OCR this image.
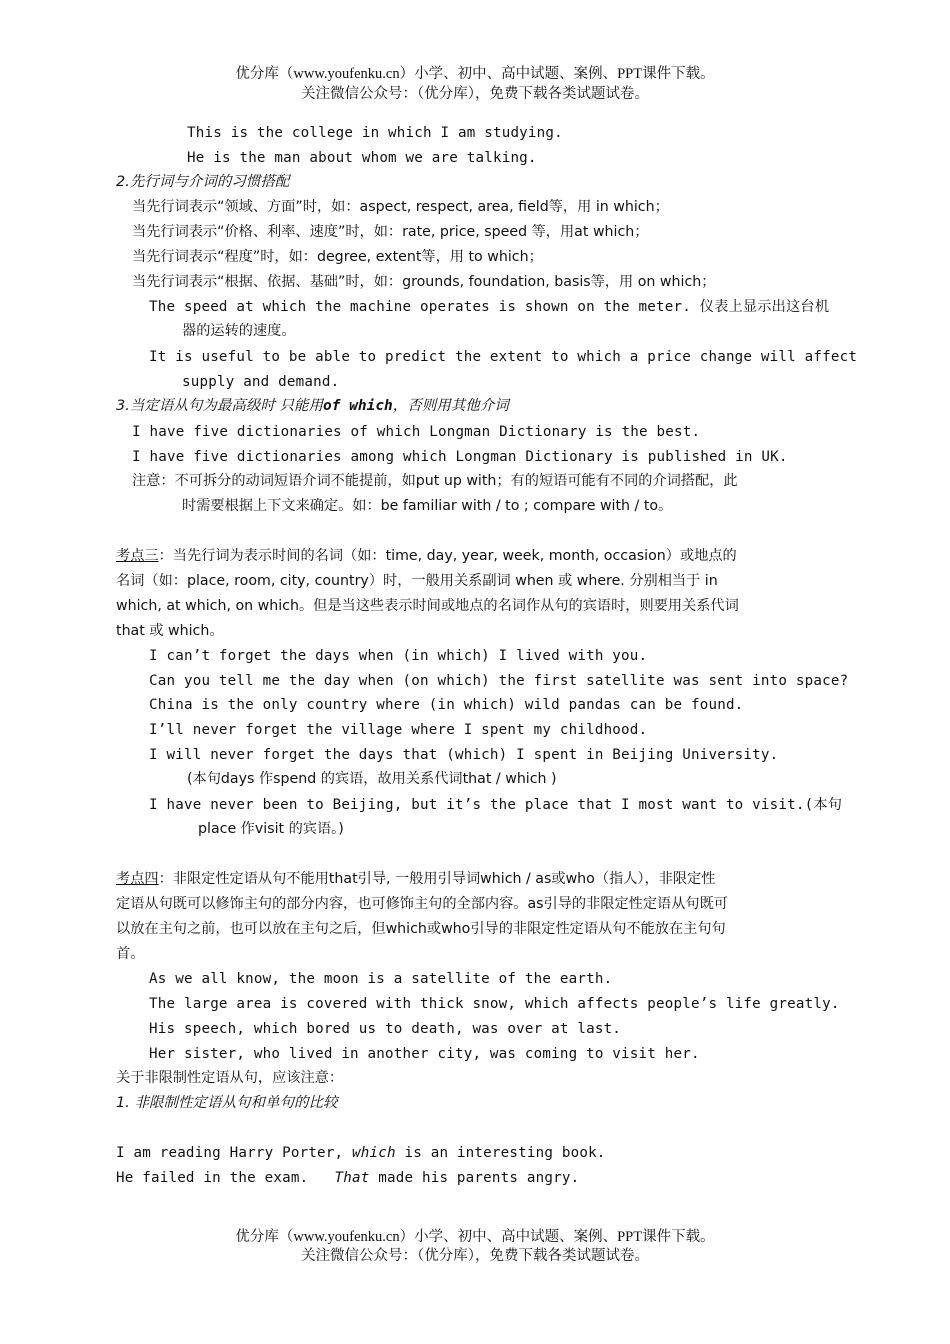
优分库（www.youfenku.cn）小学、初中、高中试题、案例、PPT课件下载。
关注微信公众号：（优分库），免费下载各类试题试卷。
This is the college in which I am studying.
He is the man about whom we are talking.
2.先行词与介词的习惯搭配
当先行词表示“领域、方面”时，如：aspect, respect, area, field等，用 in which；
当先行词表示“价格、利率、速度”时，如：rate, price, speed 等，用at which；
当先行词表示“程度”时，如：degree, extent等，用 to which；
当先行词表示“根据、依据、基础”时，如：grounds, foundation, basis等，用 on which；
The speed at which the machine operates is shown on the meter. 仪表上显示出这台机
器的运转的速度。
It is useful to be able to predict the extent to which a price change will affect
supply and demand.
3.当定语从句为最高级时 只能用of which，否则用其他介词
I have five dictionaries of which Longman Dictionary is the best.
I have five dictionaries among which Longman Dictionary is published in UK.
注意：不可拆分的动词短语介词不能提前，如put up with；有的短语可能有不同的介词搭配，此
时需要根据上下文来确定。如：be familiar with / to ; compare with / to。
考点三：当先行词为表示时间的名词（如：time, day, year, week, month, occasion）或地点的
名词（如：place, room, city, country）时，一般用关系副词 when 或 where. 分别相当于 in
which, at which, on which。但是当这些表示时间或地点的名词作从句的宾语时，则要用关系代词
that 或 which。
I can’t forget the days when (in which) I lived with you.
Can you tell me the day when (on which) the first satellite was sent into space?
China is the only country where (in which) wild pandas can be found.
I’ll never forget the village where I spent my childhood.
I will never forget the days that (which) I spent in Beijing University.
(本句days 作spend 的宾语，故用关系代词that / which )
I have never been to Beijing, but it’s the place that I most want to visit.(本句
place 作visit 的宾语。)
考点四：非限定性定语从句不能用that引导, 一般用引导词which / as或who（指人），非限定性
定语从句既可以修饰主句的部分内容，也可修饰主句的全部内容。as引导的非限定性定语从句既可
以放在主句之前，也可以放在主句之后，但which或who引导的非限定性定语从句不能放在主句句
首。
As we all know, the moon is a satellite of the earth.
The large area is covered with thick snow, which affects people’s life greatly.
His speech, which bored us to death, was over at last.
Her sister, who lived in another city, was coming to visit her.
关于非限制性定语从句，应该注意：
1. 非限制性定语从句和单句的比较
I am reading Harry Porter, which is an interesting book.
He failed in the exam.   That made his parents angry.
优分库（www.youfenku.cn）小学、初中、高中试题、案例、PPT课件下载。
关注微信公众号：（优分库），免费下载各类试题试卷。
